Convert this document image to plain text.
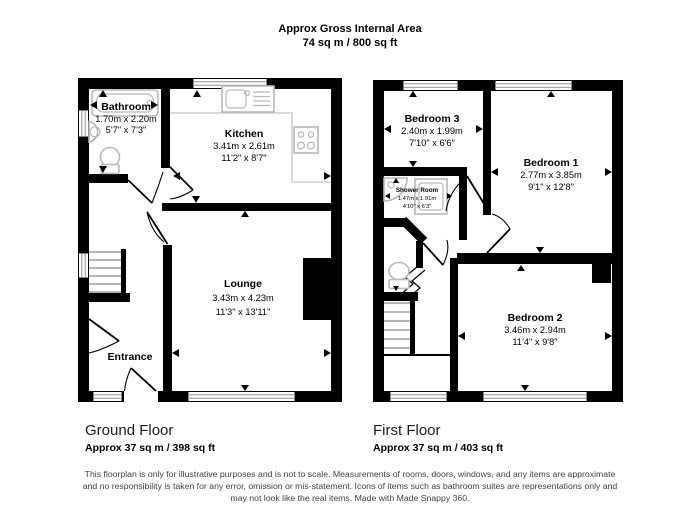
Bathroom
1.70m x 2.20m
5'7" x 7'3"	Kitchen
3.41m x 2.61m
11'2" x 8'7"
Lounge
3.43m x 4.23m
11'3" x 13'11"
Entrance
Bedroom 3
2.40m x 1.99m
7'10" x 6'6"
Bedroom 1
2.77m x 3.85m
9'1" x 12'8"
Shower Room
1.47m x 1.91m
4'10" x 6'3"
Bedroom 2
3.46m x 2.94m
11'4" x 9'8"
Approx Gross Internal Area
74 sq m / 800 sq ft
Ground Floor
Approx 37 sq m / 398 sq ft
First Floor
Approx 37 sq m / 403 sq ft
This floorplan is only for illustrative purposes and is not to scale. Measurements of rooms, doors, windows, and any items are approximate
and no responsibility is taken for any error, omission or mis-statement. Icons of items such as bathroom suites are representations only and
may not look like the real items. Made with Made Snappy 360.
